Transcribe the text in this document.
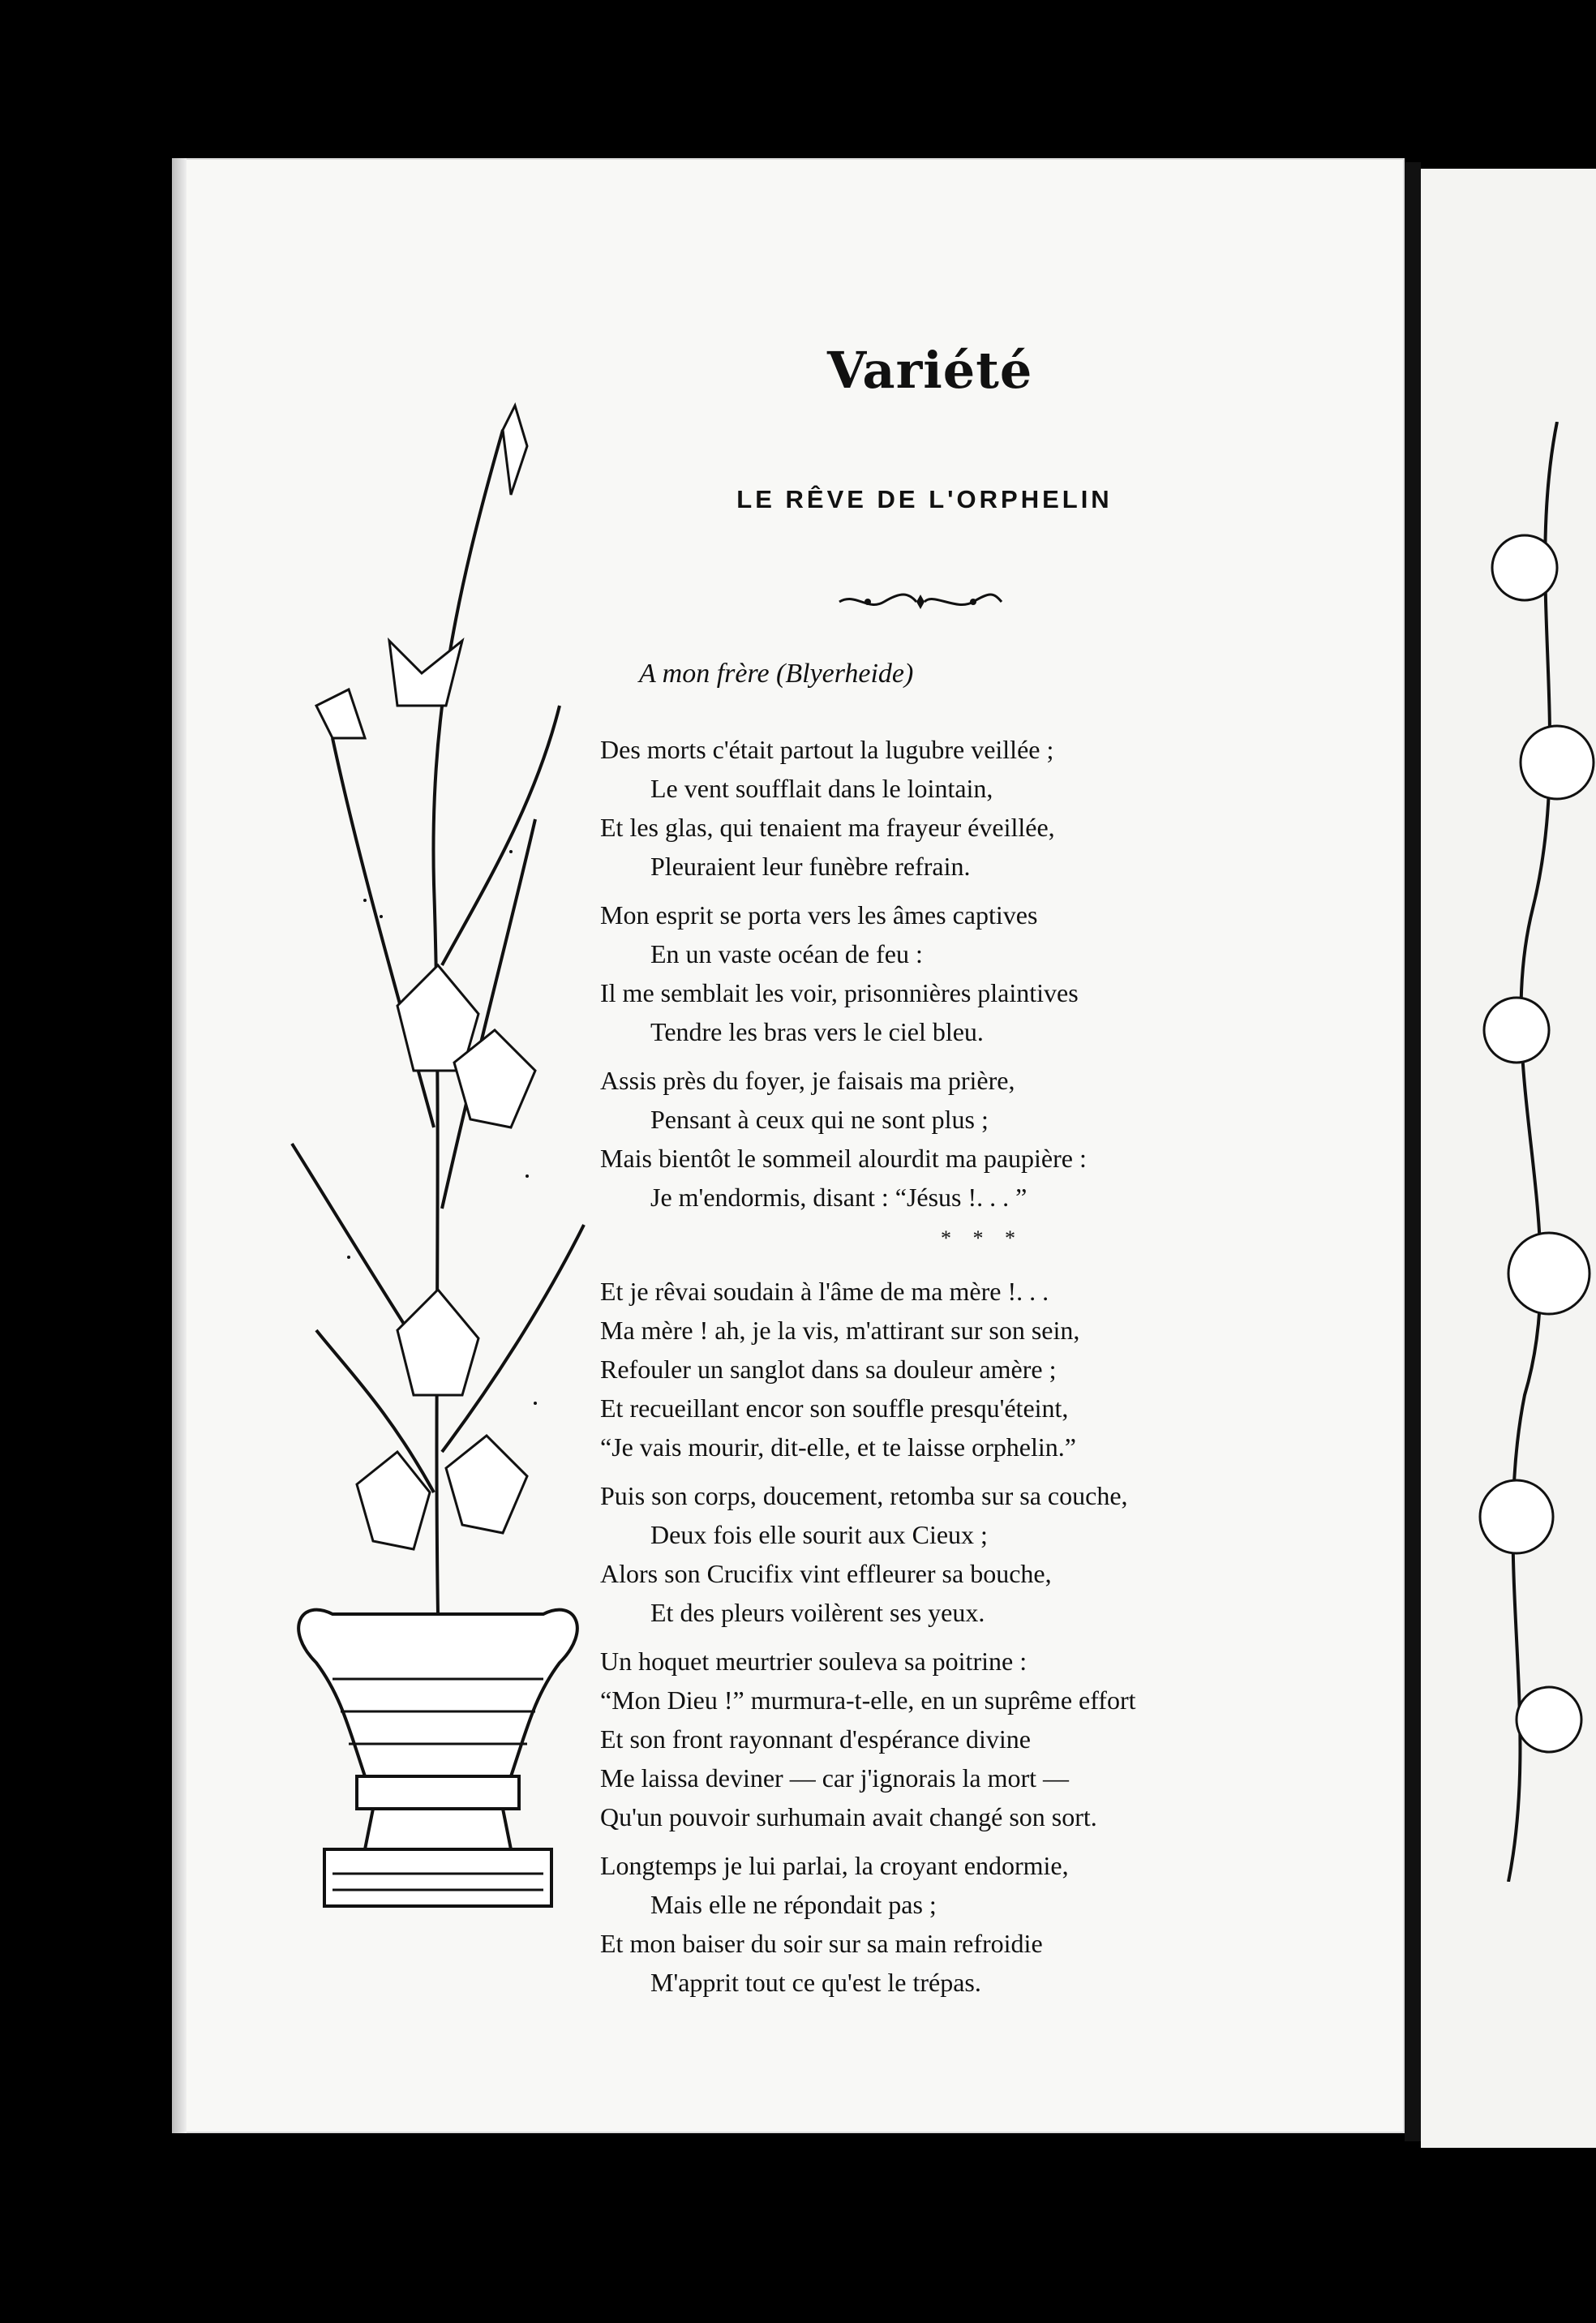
Variété
LE RÊVE DE L'ORPHELIN
A mon frère (Blyerheide)
Des morts c'était partout la lugubre veillée ;
Le vent soufflait dans le lointain,
Et les glas, qui tenaient ma frayeur éveillée,
Pleuraient leur funèbre refrain.
Mon esprit se porta vers les âmes captives
En un vaste océan de feu :
Il me semblait les voir, prisonnières plaintives
Tendre les bras vers le ciel bleu.
Assis près du foyer, je faisais ma prière,
Pensant à ceux qui ne sont plus ;
Mais bientôt le sommeil alourdit ma paupière :
Je m'endormis, disant : “Jésus !. . . ”
* * *
Et je rêvai soudain à l'âme de ma mère !. . .
Ma mère ! ah, je la vis, m'attirant sur son sein,
Refouler un sanglot dans sa douleur amère ;
Et recueillant encor son souffle presqu'éteint,
“Je vais mourir, dit-elle, et te laisse orphelin.”
Puis son corps, doucement, retomba sur sa couche,
Deux fois elle sourit aux Cieux ;
Alors son Crucifix vint effleurer sa bouche,
Et des pleurs voilèrent ses yeux.
Un hoquet meurtrier souleva sa poitrine :
“Mon Dieu !” murmura-t-elle, en un suprême effort
Et son front rayonnant d'espérance divine
Me laissa deviner — car j'ignorais la mort —
Qu'un pouvoir surhumain avait changé son sort.
Longtemps je lui parlai, la croyant endormie,
Mais elle ne répondait pas ;
Et mon baiser du soir sur sa main refroidie
M'apprit tout ce qu'est le trépas.
